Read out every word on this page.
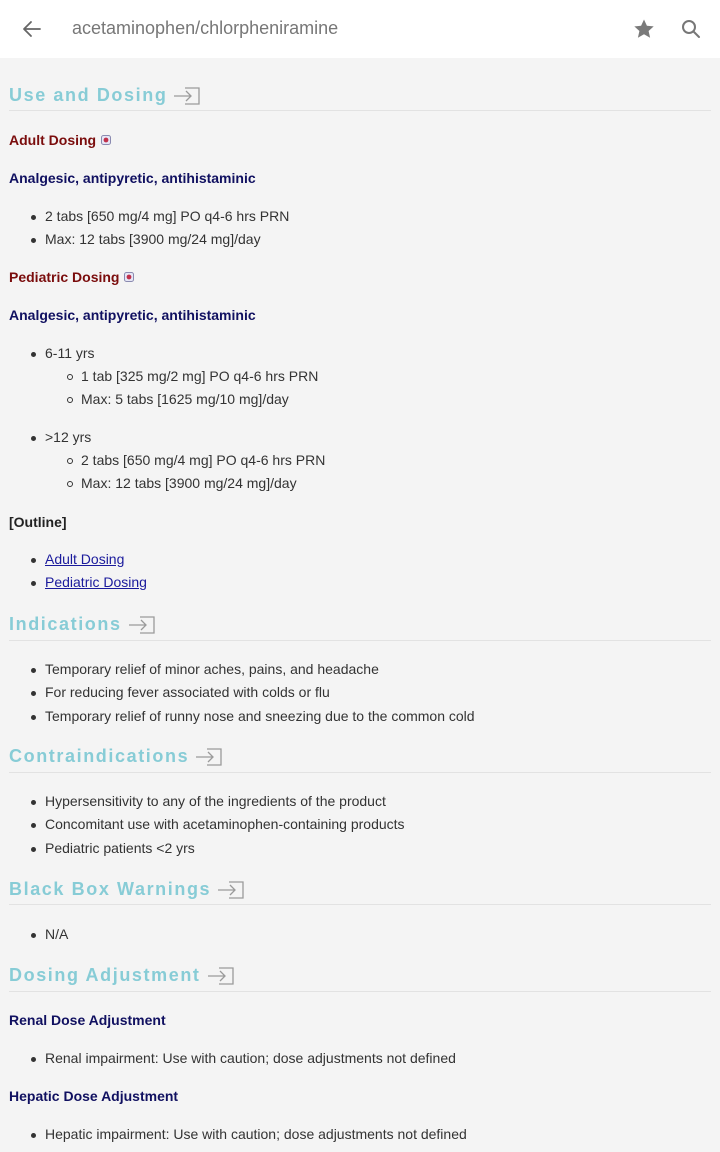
acetaminophen/chlorpheniramine
Use and Dosing
Adult Dosing
Analgesic, antipyretic, antihistaminic
2 tabs [650 mg/4 mg] PO q4-6 hrs PRN
Max: 12 tabs [3900 mg/24 mg]/day
Pediatric Dosing
Analgesic, antipyretic, antihistaminic
6-11 yrs
1 tab [325 mg/2 mg] PO q4-6 hrs PRN
Max: 5 tabs [1625 mg/10 mg]/day
>12 yrs
2 tabs [650 mg/4 mg] PO q4-6 hrs PRN
Max: 12 tabs [3900 mg/24 mg]/day
[Outline]
Adult Dosing
Pediatric Dosing
Indications
Temporary relief of minor aches, pains, and headache
For reducing fever associated with colds or flu
Temporary relief of runny nose and sneezing due to the common cold
Contraindications
Hypersensitivity to any of the ingredients of the product
Concomitant use with acetaminophen-containing products
Pediatric patients <2 yrs
Black Box Warnings
N/A
Dosing Adjustment
Renal Dose Adjustment
Renal impairment: Use with caution; dose adjustments not defined
Hepatic Dose Adjustment
Hepatic impairment: Use with caution; dose adjustments not defined
